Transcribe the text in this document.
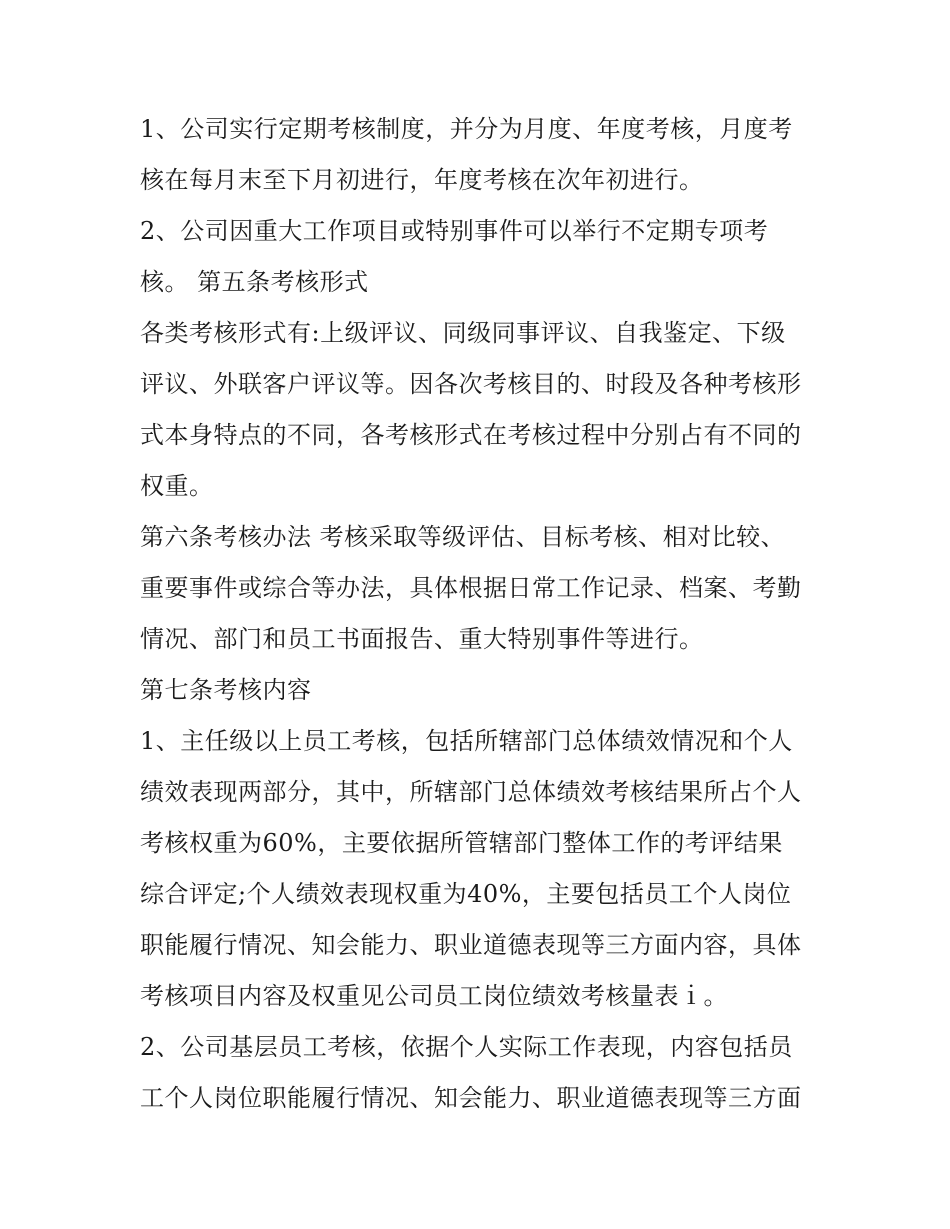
1、公司实行定期考核制度，并分为月度、年度考核，月度考
核在每月末至下月初进行，年度考核在次年初进行。
2、公司因重大工作项目或特别事件可以举行不定期专项考
核。 第五条考核形式
各类考核形式有:上级评议、同级同事评议、自我鉴定、下级
评议、外联客户评议等。因各次考核目的、时段及各种考核形
式本身特点的不同，各考核形式在考核过程中分别占有不同的
权重。
第六条考核办法 考核采取等级评估、目标考核、相对比较、
重要事件或综合等办法，具体根据日常工作记录、档案、考勤
情况、部门和员工书面报告、重大特别事件等进行。
第七条考核内容
1、主任级以上员工考核，包括所辖部门总体绩效情况和个人
绩效表现两部分，其中，所辖部门总体绩效考核结果所占个人
考核权重为60%，主要依据所管辖部门整体工作的考评结果
综合评定;个人绩效表现权重为40%，主要包括员工个人岗位
职能履行情况、知会能力、职业道德表现等三方面内容，具体
考核项目内容及权重见公司员工岗位绩效考核量表ｉ。
2、公司基层员工考核，依据个人实际工作表现，内容包括员
工个人岗位职能履行情况、知会能力、职业道德表现等三方面
